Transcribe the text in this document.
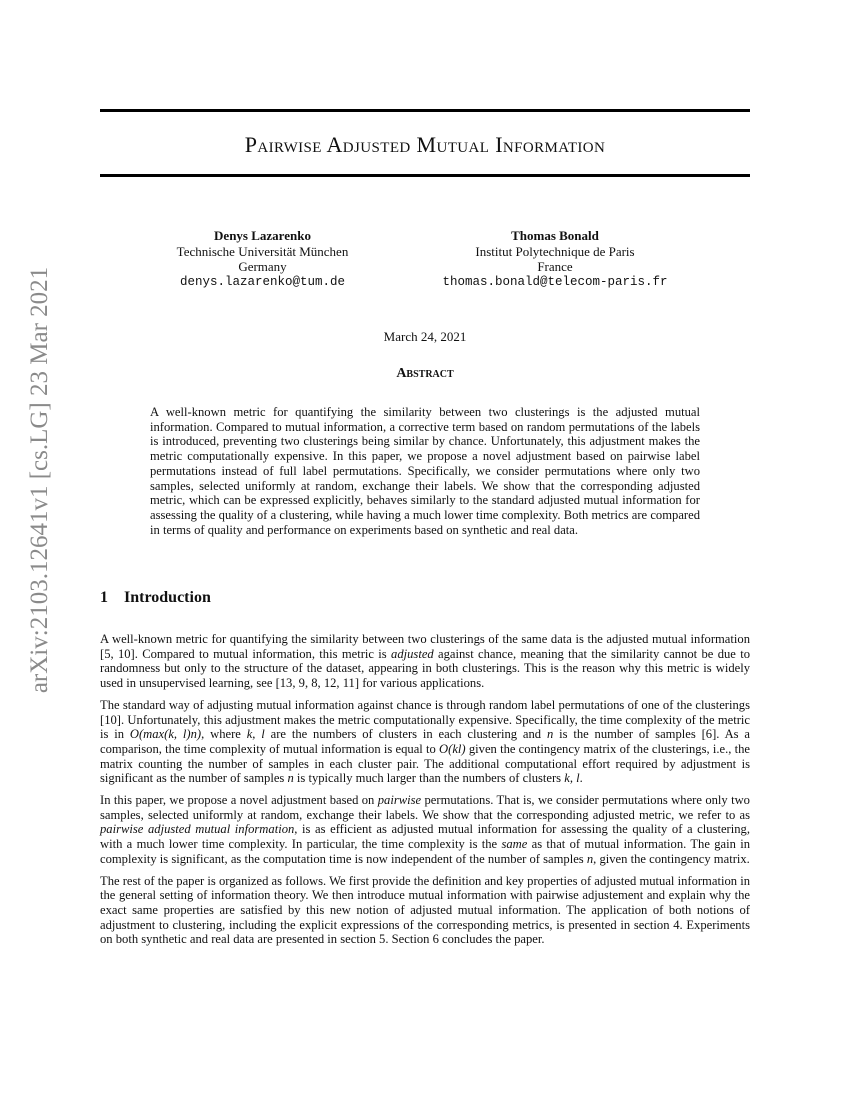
arXiv:2103.12641v1 [cs.LG] 23 Mar 2021
Pairwise Adjusted Mutual Information
Denys Lazarenko
Technische Universität München
Germany
denys.lazarenko@tum.de
Thomas Bonald
Institut Polytechnique de Paris
France
thomas.bonald@telecom-paris.fr
March 24, 2021
Abstract

A well-known metric for quantifying the similarity between two clusterings is the adjusted mutual information. Compared to mutual information, a corrective term based on random permutations of the labels is introduced, preventing two clusterings being similar by chance. Unfortunately, this adjustment makes the metric computationally expensive. In this paper, we propose a novel adjustment based on pairwise label permutations instead of full label permutations. Specifically, we consider permutations where only two samples, selected uniformly at random, exchange their labels. We show that the corresponding adjusted metric, which can be expressed explicitly, behaves similarly to the standard adjusted mutual information for assessing the quality of a clustering, while having a much lower time complexity. Both metrics are compared in terms of quality and performance on experiments based on synthetic and real data.

1 Introduction

A well-known metric for quantifying the similarity between two clusterings of the same data is the adjusted mutual information [5, 10]. Compared to mutual information, this metric is adjusted against chance, meaning that the similarity cannot be due to randomness but only to the structure of the dataset, appearing in both clusterings. This is the reason why this metric is widely used in unsupervised learning, see [13, 9, 8, 12, 11] for various applications.

The standard way of adjusting mutual information against chance is through random label permutations of one of the clusterings [10]. Unfortunately, this adjustment makes the metric computationally expensive. Specifically, the time complexity of the metric is in O(max(k, l)n), where k, l are the numbers of clusters in each clustering and n is the number of samples [6]. As a comparison, the time complexity of mutual information is equal to O(kl) given the contingency matrix of the clusterings, i.e., the matrix counting the number of samples in each cluster pair. The additional computational effort required by adjustment is significant as the number of samples n is typically much larger than the numbers of clusters k, l.

In this paper, we propose a novel adjustment based on pairwise permutations. That is, we consider permutations where only two samples, selected uniformly at random, exchange their labels. We show that the corresponding adjusted metric, we refer to as pairwise adjusted mutual information, is as efficient as adjusted mutual information for assessing the quality of a clustering, with a much lower time complexity. In particular, the time complexity is the same as that of mutual information. The gain in complexity is significant, as the computation time is now independent of the number of samples n, given the contingency matrix.

The rest of the paper is organized as follows. We first provide the definition and key properties of adjusted mutual information in the general setting of information theory. We then introduce mutual information with pairwise adjustement and explain why the exact same properties are satisfied by this new notion of adjusted mutual information. The application of both notions of adjustment to clustering, including the explicit expressions of the corresponding metrics, is presented in section 4. Experiments on both synthetic and real data are presented in section 5. Section 6 concludes the paper.
